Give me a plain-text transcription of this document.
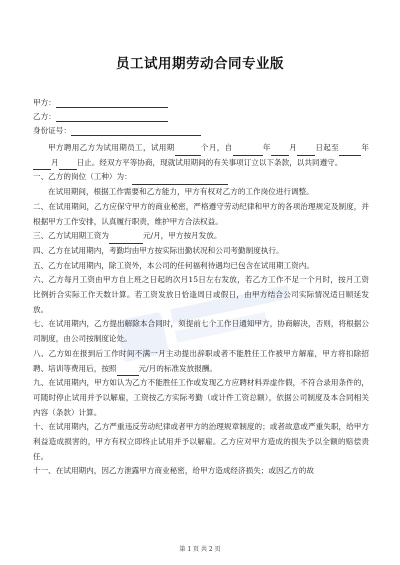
员工试用期劳动合同专业版
甲方：
乙方：
身份证号：

甲方聘用乙方为试用期员工，试用期	个月，自	年 月 日起至	年月 日止。经双方平等协商，现就试用期间的有关事项订立以下条款，以共同遵守。

一、乙方的岗位（工种）为：

在试用期间，根据工作需要和乙方能力，甲方有权对乙方的工作岗位进行调整。

二、在试用期间，乙方应保守甲方的商业秘密，严格遵守劳动纪律和甲方的各项治理规定及制度，并根据甲方工作安排，认真履行职责，维护甲方合法权益。

三、乙方试用期工资为	元/月，甲方按月发放。

四、乙方在试用期内，考勤均由甲方按实际出勤状况和公司考勤制度执行。

五、乙方在试用期内，除工资外，本公司的任何福利待遇均已包含在试用期工资内。

六、乙方每月工资由甲方自上班之日起的次月15日左右发放，若乙方工作不足一个月时，按月工资比例折合实际工作天数计算。若工资发放日恰逢周日或假日，由甲方结合公司实际情况适日顺延发放。

七、在试用期内，乙方提出解除本合同时，须提前七个工作日通知甲方，协商解决，否则，将根据公司制度，由公司按制度论处。

八、乙方如在报到后工作时间不满一月主动提出辞职或者不能胜任工作被甲方解雇，甲方将扣除招聘、培训等费用后，按照	元/月的标准发放报酬。

九、在试用期内，甲方如认为乙方不能胜任工作或发现乙方应聘材料弄虚作假，不符合录用条件的，可随时停止试用并予以解雇，工资按乙方实际考勤（或计件工资总额），依据公司制度及本合同相关内容（条款）计算。

十、在试用期内，乙方严重违反劳动纪律或者甲方的治理规章制度的；或者故意或严重失职，给甲方利益造成损害的，甲方有权立即终止试用并予以解雇。乙方应对甲方造成的损失予以全额的赔偿责任。

十一、在试用期内，因乙方泄露甲方商业秘密，给甲方造成经济损失；或因乙方的故

第 1 页 共 2 页
